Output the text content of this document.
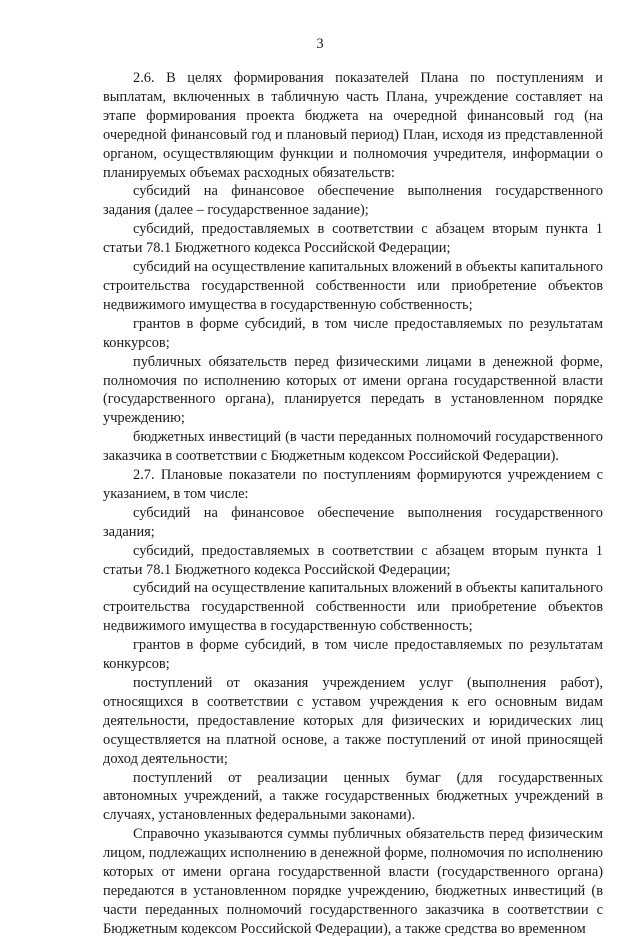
3

2.6. В целях формирования показателей Плана по поступлениям и выплатам, включенных в табличную часть Плана, учреждение составляет на этапе формирования проекта бюджета на очередной финансовый год (на очередной финансовый год и плановый период) План, исходя из представленной органом, осуществляющим функции и полномочия учредителя, информации о планируемых объемах расходных обязательств:

субсидий на финансовое обеспечение выполнения государственного задания (далее – государственное задание);

субсидий, предоставляемых в соответствии с абзацем вторым пункта 1 статьи 78.1 Бюджетного кодекса Российской Федерации;

субсидий на осуществление капитальных вложений в объекты капитального строительства государственной собственности или приобретение объектов недвижимого имущества в государственную собственность;

грантов в форме субсидий, в том числе предоставляемых по результатам конкурсов;

публичных обязательств перед физическими лицами в денежной форме, полномочия по исполнению которых от имени органа государственной власти (государственного органа), планируется передать в установленном порядке учреждению;

бюджетных инвестиций (в части переданных полномочий государственного заказчика в соответствии с Бюджетным кодексом Российской Федерации).

2.7. Плановые показатели по поступлениям формируются учреждением с указанием, в том числе:

субсидий на финансовое обеспечение выполнения государственного задания;

субсидий, предоставляемых в соответствии с абзацем вторым пункта 1 статьи 78.1 Бюджетного кодекса Российской Федерации;

субсидий на осуществление капитальных вложений в объекты капитального строительства государственной собственности или приобретение объектов недвижимого имущества в государственную собственность;

грантов в форме субсидий, в том числе предоставляемых по результатам конкурсов;

поступлений от оказания учреждением услуг (выполнения работ), относящихся в соответствии с уставом учреждения к его основным видам деятельности, предоставление которых для физических и юридических лиц осуществляется на платной основе, а также поступлений от иной приносящей доход деятельности;

поступлений от реализации ценных бумаг (для государственных автономных учреждений, а также государственных бюджетных учреждений в случаях, установленных федеральными законами).

Справочно указываются суммы публичных обязательств перед физическим лицом, подлежащих исполнению в денежной форме, полномочия по исполнению которых от имени органа государственной власти (государственного органа) передаются в установленном порядке учреждению, бюджетных инвестиций (в части переданных полномочий государственного заказчика в соответствии с Бюджетным кодексом Российской Федерации), а также средства во временном
